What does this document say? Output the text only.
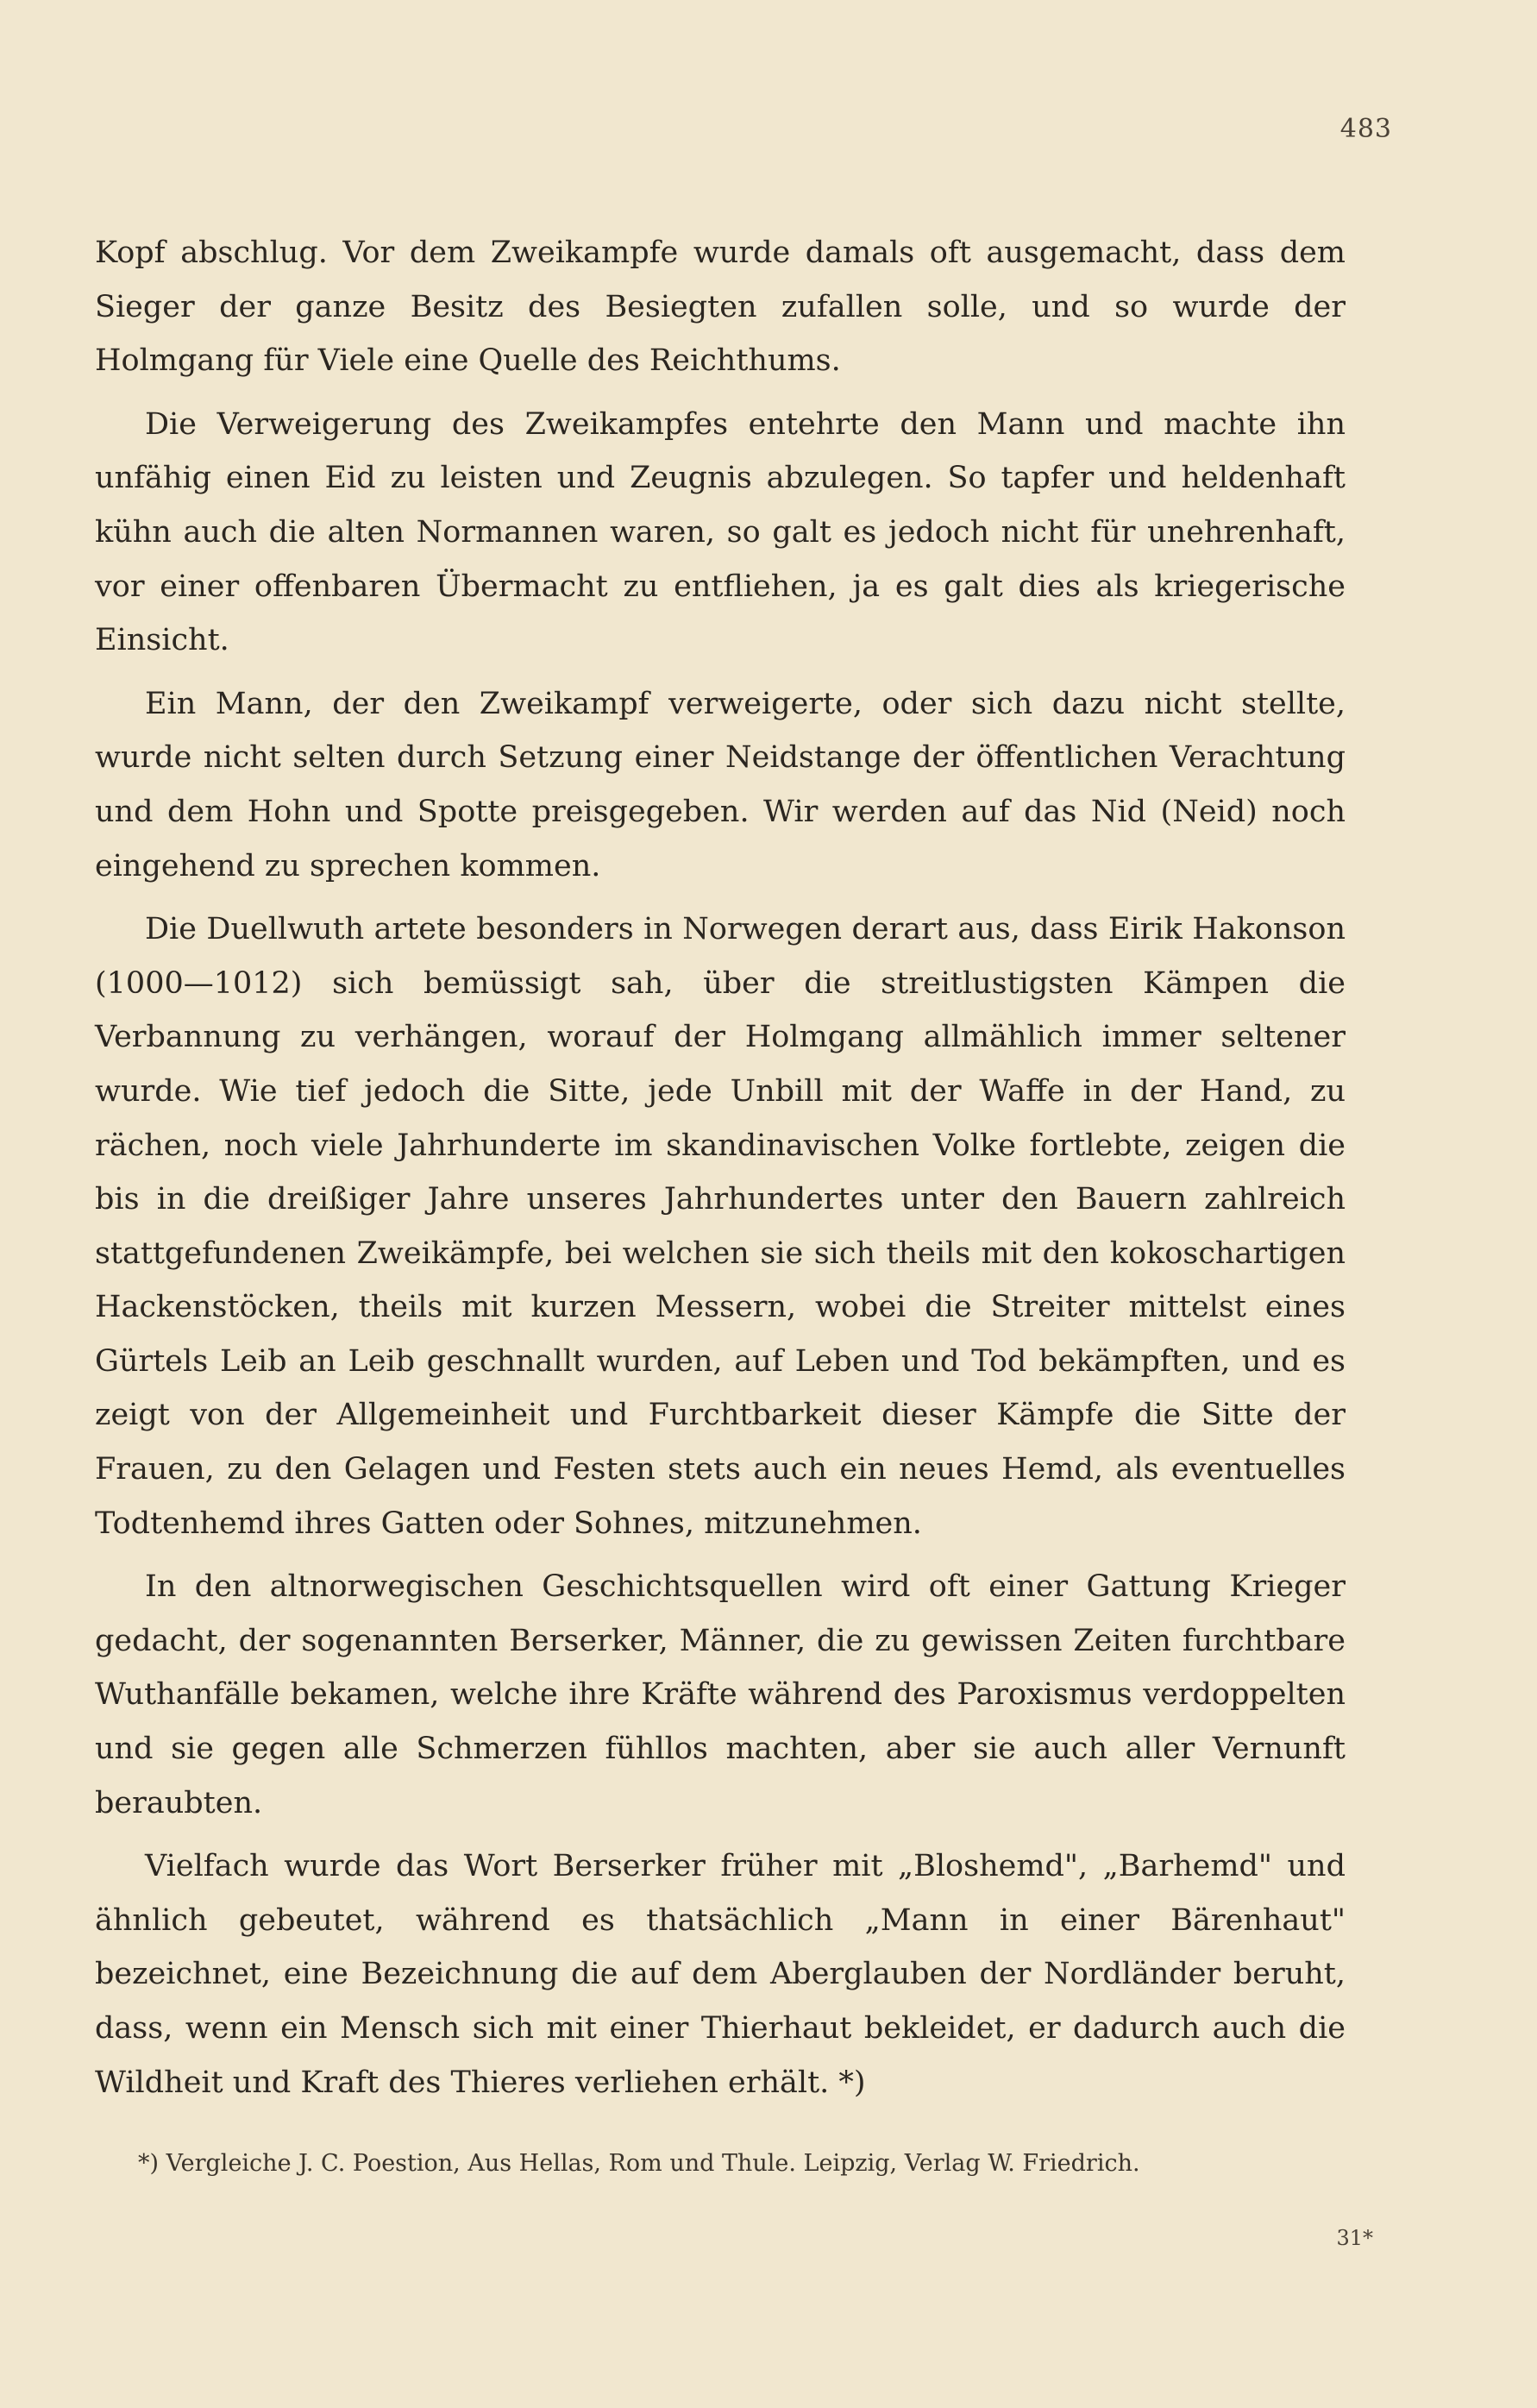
483

Kopf abschlug. Vor dem Zweikampfe wurde damals oft ausgemacht, dass dem Sieger der ganze Besitz des Besiegten zufallen solle, und so wurde der Holmgang für Viele eine Quelle des Reichthums.

Die Verweigerung des Zweikampfes entehrte den Mann und machte ihn unfähig einen Eid zu leisten und Zeugnis abzulegen. So tapfer und heldenhaft kühn auch die alten Normannen waren, so galt es jedoch nicht für unehrenhaft, vor einer offenbaren Übermacht zu entfliehen, ja es galt dies als kriegerische Einsicht.

Ein Mann, der den Zweikampf verweigerte, oder sich dazu nicht stellte, wurde nicht selten durch Setzung einer Neidstange der öffentlichen Verachtung und dem Hohn und Spotte preisgegeben. Wir werden auf das Nid (Neid) noch eingehend zu sprechen kommen.

Die Duellwuth artete besonders in Norwegen derart aus, dass Eirik Hakonson (1000—1012) sich bemüssigt sah, über die streitlustigsten Kämpen die Verbannung zu verhängen, worauf der Holmgang allmählich immer seltener wurde. Wie tief jedoch die Sitte, jede Unbill mit der Waffe in der Hand, zu rächen, noch viele Jahrhunderte im skandinavischen Volke fortlebte, zeigen die bis in die dreißiger Jahre unseres Jahrhundertes unter den Bauern zahlreich stattgefundenen Zweikämpfe, bei welchen sie sich theils mit den kokoschartigen Hackenstöcken, theils mit kurzen Messern, wobei die Streiter mittelst eines Gürtels Leib an Leib geschnallt wurden, auf Leben und Tod bekämpften, und es zeigt von der Allgemeinheit und Furchtbarkeit dieser Kämpfe die Sitte der Frauen, zu den Gelagen und Festen stets auch ein neues Hemd, als eventuelles Todtenhemd ihres Gatten oder Sohnes, mitzunehmen.

In den altnorwegischen Geschichtsquellen wird oft einer Gattung Krieger gedacht, der sogenannten Berserker, Männer, die zu gewissen Zeiten furchtbare Wuthanfälle bekamen, welche ihre Kräfte während des Paroxismus verdoppelten und sie gegen alle Schmerzen fühllos machten, aber sie auch aller Vernunft beraubten.

Vielfach wurde das Wort Berserker früher mit „Bloshemd", „Barhemd" und ähnlich gebeutet, während es thatsächlich „Mann in einer Bärenhaut" bezeichnet, eine Bezeichnung die auf dem Aberglauben der Nordländer beruht, dass, wenn ein Mensch sich mit einer Thierhaut bekleidet, er dadurch auch die Wildheit und Kraft des Thieres verliehen erhält. *)

*) Vergleiche J. C. Poestion, Aus Hellas, Rom und Thule. Leipzig, Verlag W. Friedrich.
31*
